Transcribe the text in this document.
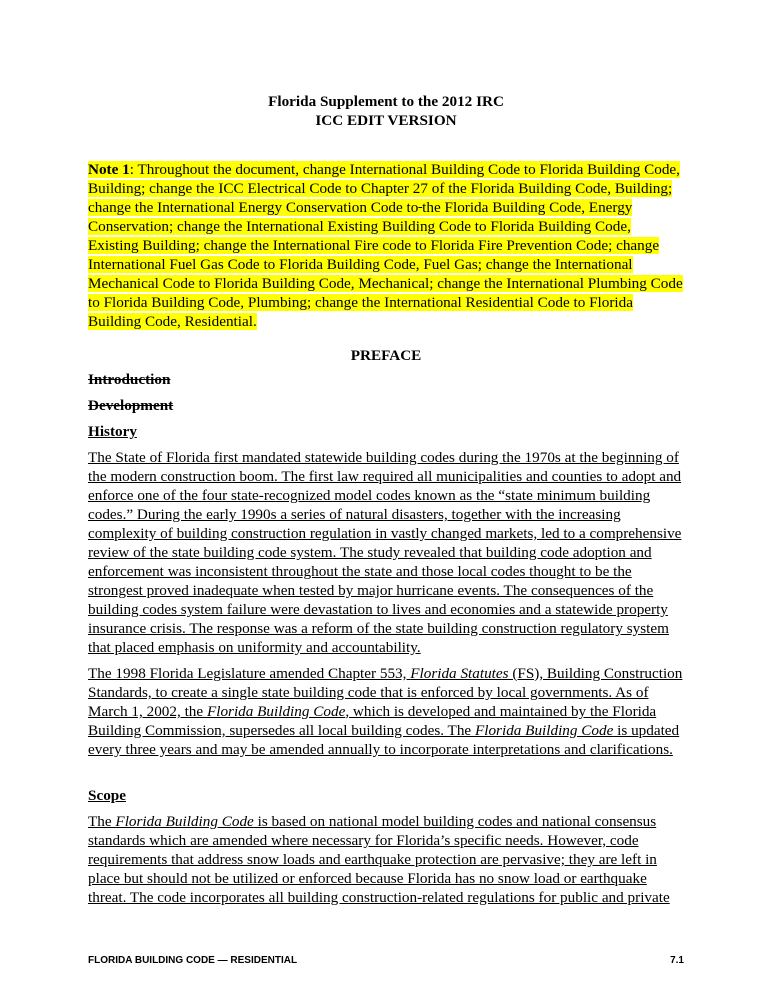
Florida Supplement to the 2012 IRC
ICC EDIT VERSION
Note 1: Throughout the document, change International Building Code to Florida Building Code, Building; change the ICC Electrical Code to Chapter 27 of the Florida Building Code, Building; change the International Energy Conservation Code to the Florida Building Code, Energy Conservation; change the International Existing Building Code to Florida Building Code, Existing Building; change the International Fire code to Florida Fire Prevention Code; change International Fuel Gas Code to Florida Building Code, Fuel Gas; change the International Mechanical Code to Florida Building Code, Mechanical; change the International Plumbing Code to Florida Building Code, Plumbing; change the International Residential Code to Florida Building Code, Residential.
PREFACE
Introduction
Development
History

The State of Florida first mandated statewide building codes during the 1970s at the beginning of the modern construction boom. The first law required all municipalities and counties to adopt and enforce one of the four state-recognized model codes known as the “state minimum building codes.” During the early 1990s a series of natural disasters, together with the increasing complexity of building construction regulation in vastly changed markets, led to a comprehensive review of the state building code system. The study revealed that building code adoption and enforcement was inconsistent throughout the state and those local codes thought to be the strongest proved inadequate when tested by major hurricane events. The consequences of the building codes system failure were devastation to lives and economies and a statewide property insurance crisis. The response was a reform of the state building construction regulatory system that placed emphasis on uniformity and accountability.

The 1998 Florida Legislature amended Chapter 553, Florida Statutes (FS), Building Construction Standards, to create a single state building code that is enforced by local governments. As of March 1, 2002, the Florida Building Code, which is developed and maintained by the Florida Building Commission, supersedes all local building codes. The Florida Building Code is updated every three years and may be amended annually to incorporate interpretations and clarifications.

Scope

The Florida Building Code is based on national model building codes and national consensus standards which are amended where necessary for Florida’s specific needs. However, code requirements that address snow loads and earthquake protection are pervasive; they are left in place but should not be utilized or enforced because Florida has no snow load or earthquake threat. The code incorporates all building construction-related regulations for public and private

FLORIDA BUILDING CODE — RESIDENTIAL	7.1
